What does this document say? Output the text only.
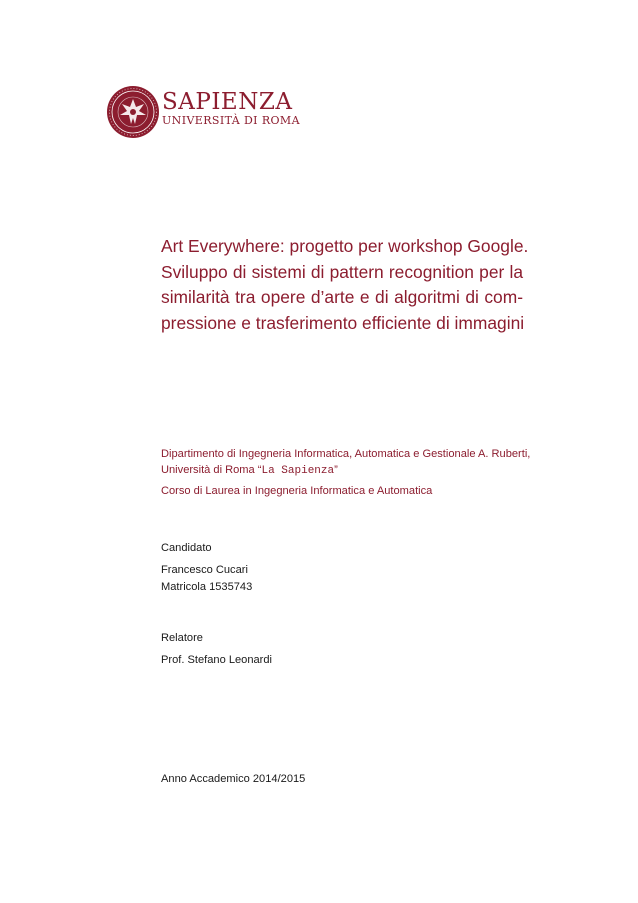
SAPIENZA
UNIVERSITÀ DI ROMA
Art Everywhere: progetto per workshop Google.
Sviluppo di sistemi di pattern recognition per la
similarità tra opere d’arte e di algoritmi di com-
pressione e trasferimento efficiente di immagini
Dipartimento di Ingegneria Informatica, Automatica e Gestionale A. Ruberti,
Università di Roma “La Sapienza”
Corso di Laurea in Ingegneria Informatica e Automatica
Candidato
Francesco Cucari
Matricola 1535743
Relatore
Prof. Stefano Leonardi
Anno Accademico 2014/2015
